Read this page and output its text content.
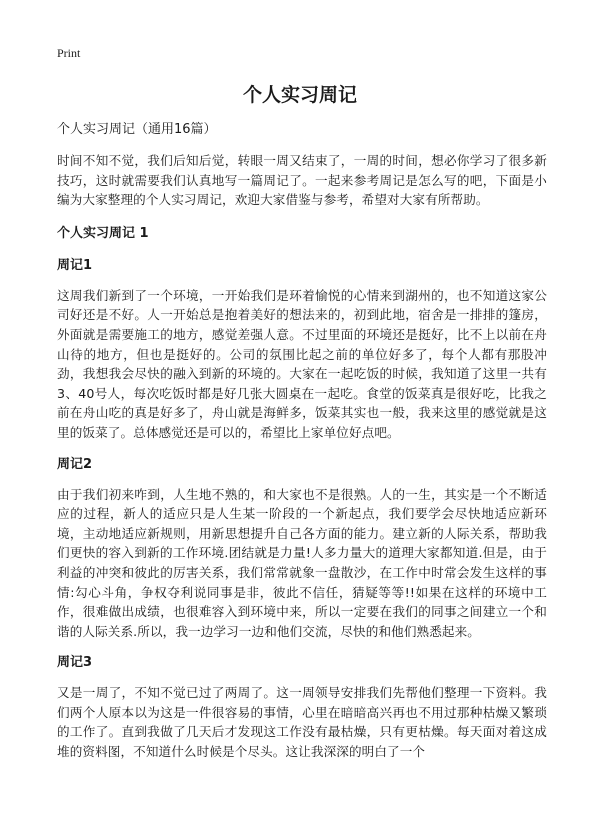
Print
个人实习周记

个人实习周记（通用16篇）

时间不知不觉，我们后知后觉，转眼一周又结束了，一周的时间，想必你学习了很多新技巧，这时就需要我们认真地写一篇周记了。一起来参考周记是怎么写的吧，下面是小编为大家整理的个人实习周记，欢迎大家借鉴与参考，希望对大家有所帮助。

个人实习周记 1
周记1

这周我们新到了一个环境，一开始我们是环着愉悦的心情来到湖州的，也不知道这家公司好还是不好。人一开始总是抱着美好的想法来的，初到此地，宿舍是一排排的篷房，外面就是需要施工的地方，感觉差强人意。不过里面的环境还是挺好，比不上以前在舟山待的地方，但也是挺好的。公司的氛围比起之前的单位好多了，每个人都有那股冲劲，我想我会尽快的融入到新的环境的。大家在一起吃饭的时候，我知道了这里一共有3、40号人，每次吃饭时都是好几张大圆桌在一起吃。食堂的饭菜真是很好吃，比我之前在舟山吃的真是好多了，舟山就是海鲜多，饭菜其实也一般，我来这里的感觉就是这里的饭菜了。总体感觉还是可以的，希望比上家单位好点吧。

周记2

由于我们初来咋到，人生地不熟的，和大家也不是很熟。人的一生，其实是一个不断适应的过程，新人的适应只是人生某一阶段的一个新起点，我们要学会尽快地适应新环境，主动地适应新规则，用新思想提升自己各方面的能力。建立新的人际关系，帮助我们更快的容入到新的工作环境.团结就是力量!人多力量大的道理大家都知道.但是，由于利益的冲突和彼此的厉害关系，我们常常就象一盘散沙，在工作中时常会发生这样的事情:勾心斗角，争权夺利说同事是非，彼此不信任，猜疑等等!!如果在这样的环境中工作，很难做出成绩，也很难容入到环境中来，所以一定要在我们的同事之间建立一个和谐的人际关系.所以，我一边学习一边和他们交流，尽快的和他们熟悉起来。

周记3

又是一周了，不知不觉已过了两周了。这一周领导安排我们先帮他们整理一下资料。我们两个人原本以为这是一件很容易的事情，心里在暗暗高兴再也不用过那种枯燥又繁琐的工作了。直到我做了几天后才发现这工作没有最枯燥，只有更枯燥。每天面对着这成堆的资料图，不知道什么时候是个尽头。这让我深深的明白了一个
